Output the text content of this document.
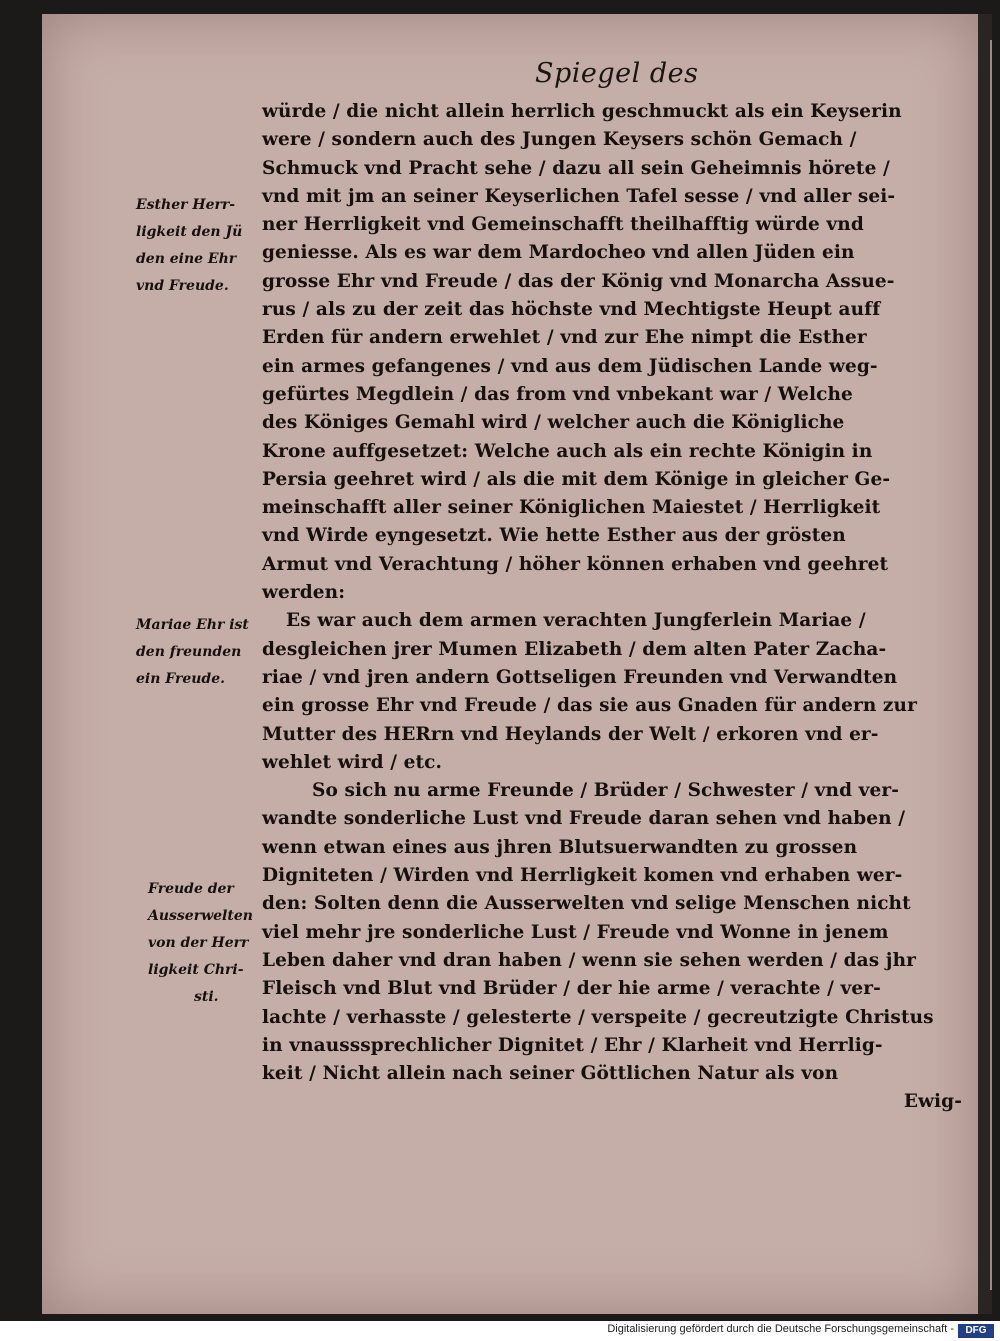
Spiegel des
würde / die nicht allein herrlich geschmuckt als ein Keyserin
were / sondern auch des Jungen Keysers schön Gemach /
Schmuck vnd Pracht sehe / dazu all sein Geheimnis hörete /
vnd mit jm an seiner Keyserlichen Tafel sesse / vnd aller sei-
ner Herrligkeit vnd Gemeinschafft theilhafftig würde vnd
geniesse. Als es war dem Mardocheo vnd allen Jüden ein
grosse Ehr vnd Freude / das der König vnd Monarcha Assue-
rus / als zu der zeit das höchste vnd Mechtigste Heupt auff
Erden für andern erwehlet / vnd zur Ehe nimpt die Esther
ein armes gefangenes / vnd aus dem Jüdischen Lande weg-
gefürtes Megdlein / das from vnd vnbekant war / Welche
des Königes Gemahl wird / welcher auch die Königliche
Krone auffgesetzet: Welche auch als ein rechte Königin in
Persia geehret wird / als die mit dem Könige in gleicher Ge-
meinschafft aller seiner Königlichen Maiestet / Herrligkeit
vnd Wirde eyngesetzt. Wie hette Esther aus der grösten
Armut vnd Verachtung / höher können erhaben vnd geehret
werden:
Es war auch dem armen verachten Jungferlein Mariae /
desgleichen jrer Mumen Elizabeth / dem alten Pater Zacha-
riae / vnd jren andern Gottseligen Freunden vnd Verwandten
ein grosse Ehr vnd Freude / das sie aus Gnaden für andern zur
Mutter des HERrn vnd Heylands der Welt / erkoren vnd er-
wehlet wird / etc.
So sich nu arme Freunde / Brüder / Schwester / vnd ver-
wandte sonderliche Lust vnd Freude daran sehen vnd haben /
wenn etwan eines aus jhren Blutsuerwandten zu grossen
Digniteten / Wirden vnd Herrligkeit komen vnd erhaben wer-
den: Solten denn die Ausserwelten vnd selige Menschen nicht
viel mehr jre sonderliche Lust / Freude vnd Wonne in jenem
Leben daher vnd dran haben / wenn sie sehen werden / das jhr
Fleisch vnd Blut vnd Brüder / der hie arme / verachte / ver-
lachte / verhasste / gelesterte / verspeite / gecreutzigte Christus
in vnausssprechlicher Dignitet / Ehr / Klarheit vnd Herrlig-
keit / Nicht allein nach seiner Göttlichen Natur als von
Ewig-
Esther Herr-
ligkeit den Jü
den eine Ehr
vnd Freude.
Mariae Ehr ist
den freunden
ein Freude.
Freude der
Ausserwelten
von der Herr
ligkeit Chri-
sti.
Digitalisierung gefördert durch die Deutsche Forschungsgemeinschaft -	DFG
